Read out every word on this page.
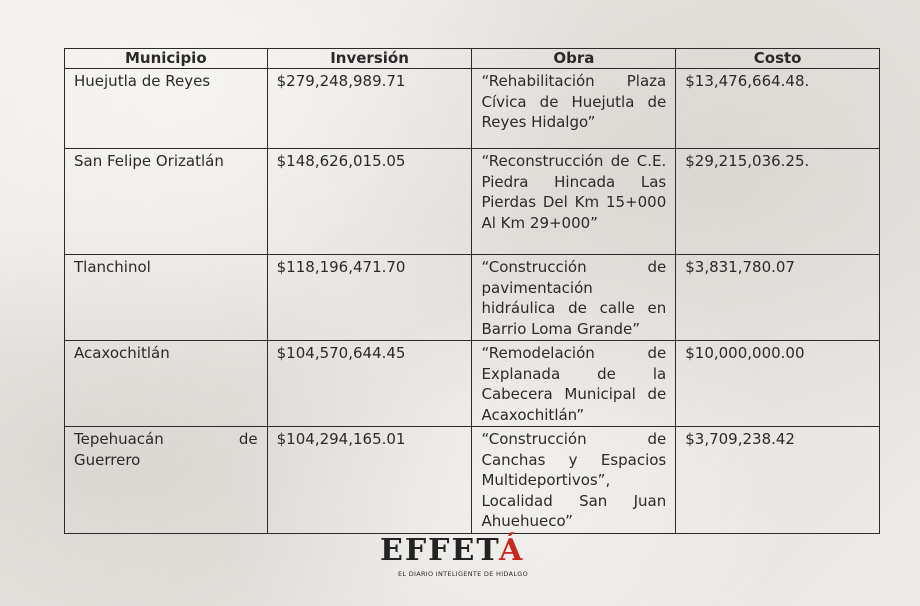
Municipio	Inversión	Obra	Costo
Huejutla de Reyes	$279,248,989.71	“Rehabilitación Plaza Cívica de Huejutla de Reyes Hidalgo”	$13,476,664.48.
San Felipe Orizatlán	$148,626,015.05	“Reconstrucción de C.E. Piedra Hincada Las Pierdas Del Km 15+000 Al Km 29+000”	$29,215,036.25.
Tlanchinol	$118,196,471.70	“Construcción de pavimentación hidráulica de calle en Barrio Loma Grande”	$3,831,780.07
Acaxochitlán	$104,570,644.45	“Remodelación de Explanada de la Cabecera Municipal de Acaxochitlán”	$10,000,000.00
Tepehuacán de Guerrero	$104,294,165.01	“Construcción de Canchas y Espacios Multideportivos”, Localidad San Juan Ahuehueco”	$3,709,238.42
EFFETÁ
EL DIARIO INTELIGENTE DE HIDALGO
